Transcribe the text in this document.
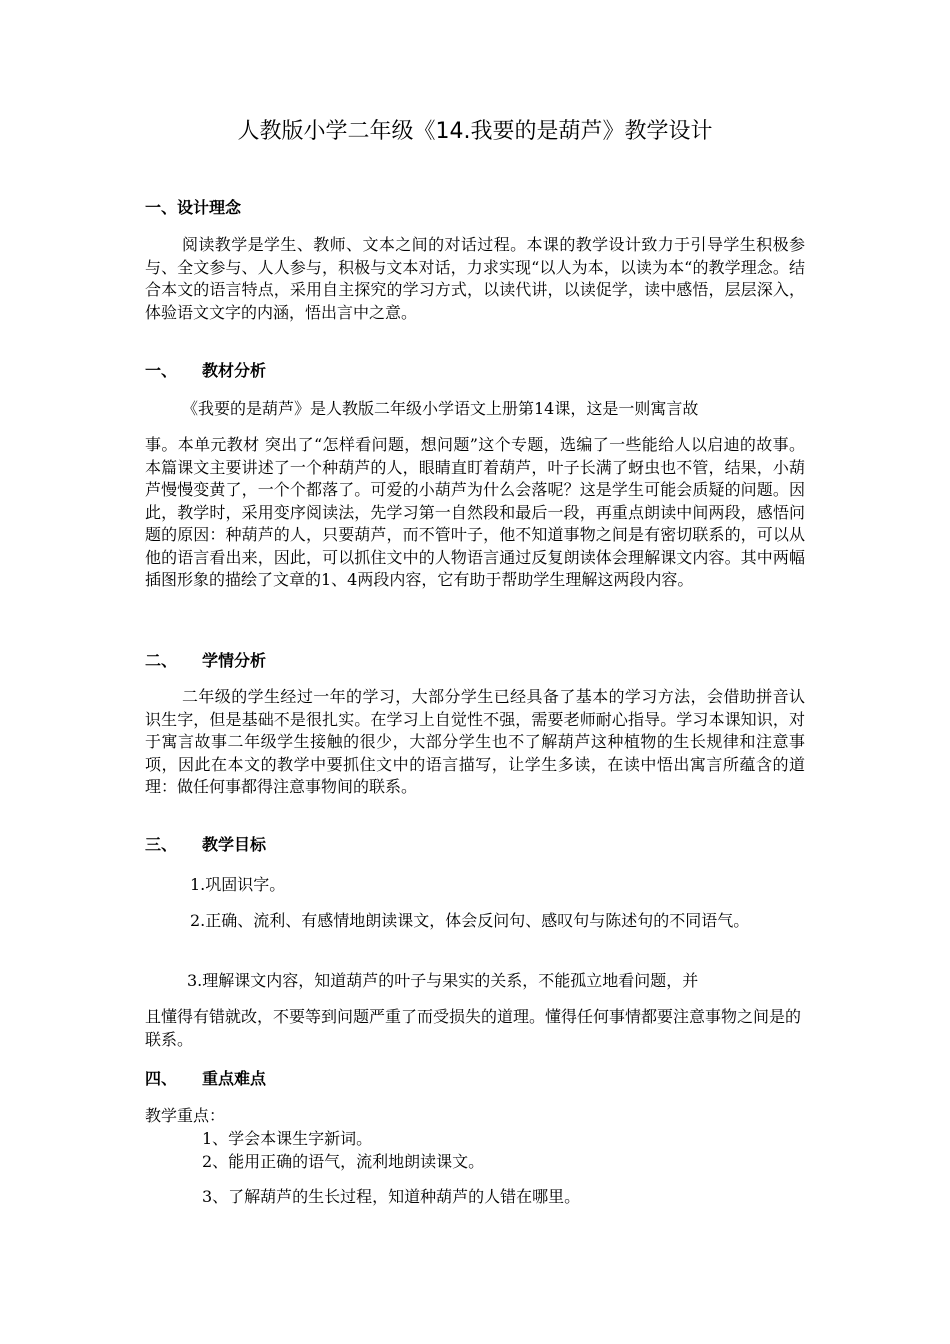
人教版小学二年级《14.我要的是葫芦》教学设计
一、设计理念
阅读教学是学生、教师、文本之间的对话过程。本课的教学设计致力于引导学生积极参与、全文参与、人人参与，积极与文本对话，力求实现“以人为本，以读为本“的教学理念。结合本文的语言特点，采用自主探究的学习方式，以读代讲，以读促学，读中感悟，层层深入，体验语文文字的内涵，悟出言中之意。
一、 教材分析
《我要的是葫芦》是人教版二年级小学语文上册第14课，这是一则寓言故
事。本单元教材 突出了“怎样看问题，想问题”这个专题，选编了一些能给人以启迪的故事。本篇课文主要讲述了一个种葫芦的人，眼睛直盯着葫芦，叶子长满了蚜虫也不管，结果，小葫芦慢慢变黄了，一个个都落了。可爱的小葫芦为什么会落呢？这是学生可能会质疑的问题。因此，教学时，采用变序阅读法，先学习第一自然段和最后一段，再重点朗读中间两段，感悟问题的原因：种葫芦的人，只要葫芦，而不管叶子，他不知道事物之间是有密切联系的，可以从他的语言看出来，因此，可以抓住文中的人物语言通过反复朗读体会理解课文内容。其中两幅插图形象的描绘了文章的1、4两段内容，它有助于帮助学生理解这两段内容。
二、 学情分析
二年级的学生经过一年的学习，大部分学生已经具备了基本的学习方法，会借助拼音认识生字，但是基础不是很扎实。在学习上自觉性不强，需要老师耐心指导。学习本课知识，对于寓言故事二年级学生接触的很少，大部分学生也不了解葫芦这种植物的生长规律和注意事项，因此在本文的教学中要抓住文中的语言描写，让学生多读，在读中悟出寓言所蕴含的道理：做任何事都得注意事物间的联系。
三、 教学目标
1.巩固识字。
2.正确、流利、有感情地朗读课文，体会反问句、感叹句与陈述句的不同语气。
3.理解课文内容，知道葫芦的叶子与果实的关系，不能孤立地看问题，并
且懂得有错就改，不要等到问题严重了而受损失的道理。懂得任何事情都要注意事物之间是的联系。
四、 重点难点
教学重点：
1、学会本课生字新词。
2、能用正确的语气，流利地朗读课文。
3、了解葫芦的生长过程，知道种葫芦的人错在哪里。
